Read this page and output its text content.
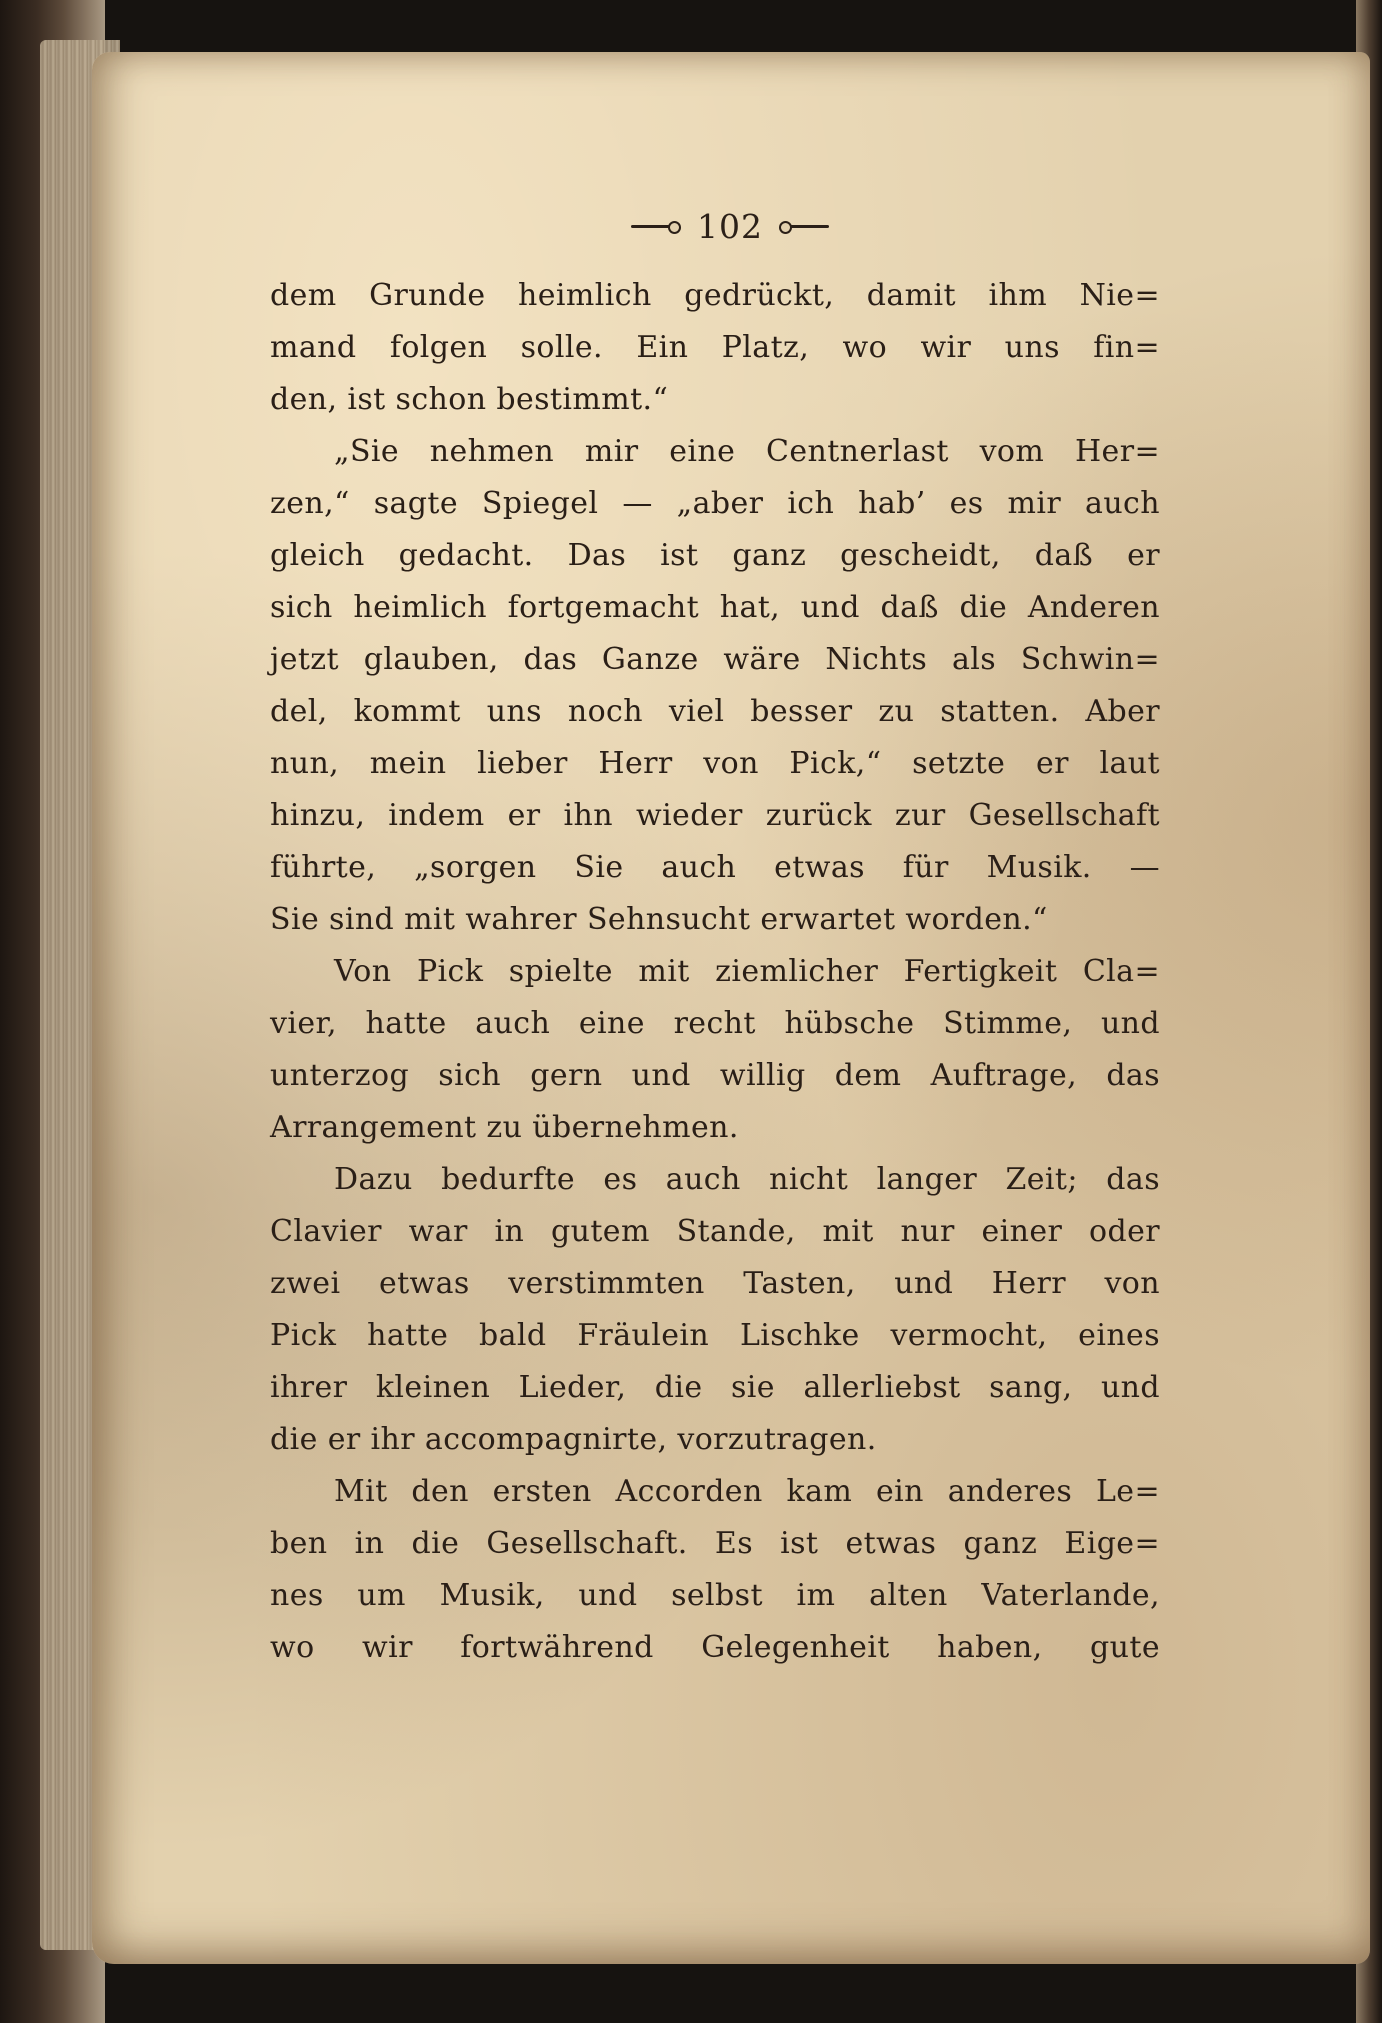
102
dem Grunde heimlich gedrückt, damit ihm Nie=
mand folgen solle. Ein Platz, wo wir uns fin=
den, ist schon bestimmt.“
„Sie nehmen mir eine Centnerlast vom Her=
zen,“ sagte Spiegel — „aber ich hab’ es mir auch
gleich gedacht. Das ist ganz gescheidt, daß er
sich heimlich fortgemacht hat, und daß die Anderen
jetzt glauben, das Ganze wäre Nichts als Schwin=
del, kommt uns noch viel besser zu statten. Aber
nun, mein lieber Herr von Pick,“ setzte er laut
hinzu, indem er ihn wieder zurück zur Gesellschaft
führte, „sorgen Sie auch etwas für Musik. —
Sie sind mit wahrer Sehnsucht erwartet worden.“
Von Pick spielte mit ziemlicher Fertigkeit Cla=
vier, hatte auch eine recht hübsche Stimme, und
unterzog sich gern und willig dem Auftrage, das
Arrangement zu übernehmen.
Dazu bedurfte es auch nicht langer Zeit; das
Clavier war in gutem Stande, mit nur einer oder
zwei etwas verstimmten Tasten, und Herr von
Pick hatte bald Fräulein Lischke vermocht, eines
ihrer kleinen Lieder, die sie allerliebst sang, und
die er ihr accompagnirte, vorzutragen.
Mit den ersten Accorden kam ein anderes Le=
ben in die Gesellschaft. Es ist etwas ganz Eige=
nes um Musik, und selbst im alten Vaterlande,
wo wir fortwährend Gelegenheit haben, gute
